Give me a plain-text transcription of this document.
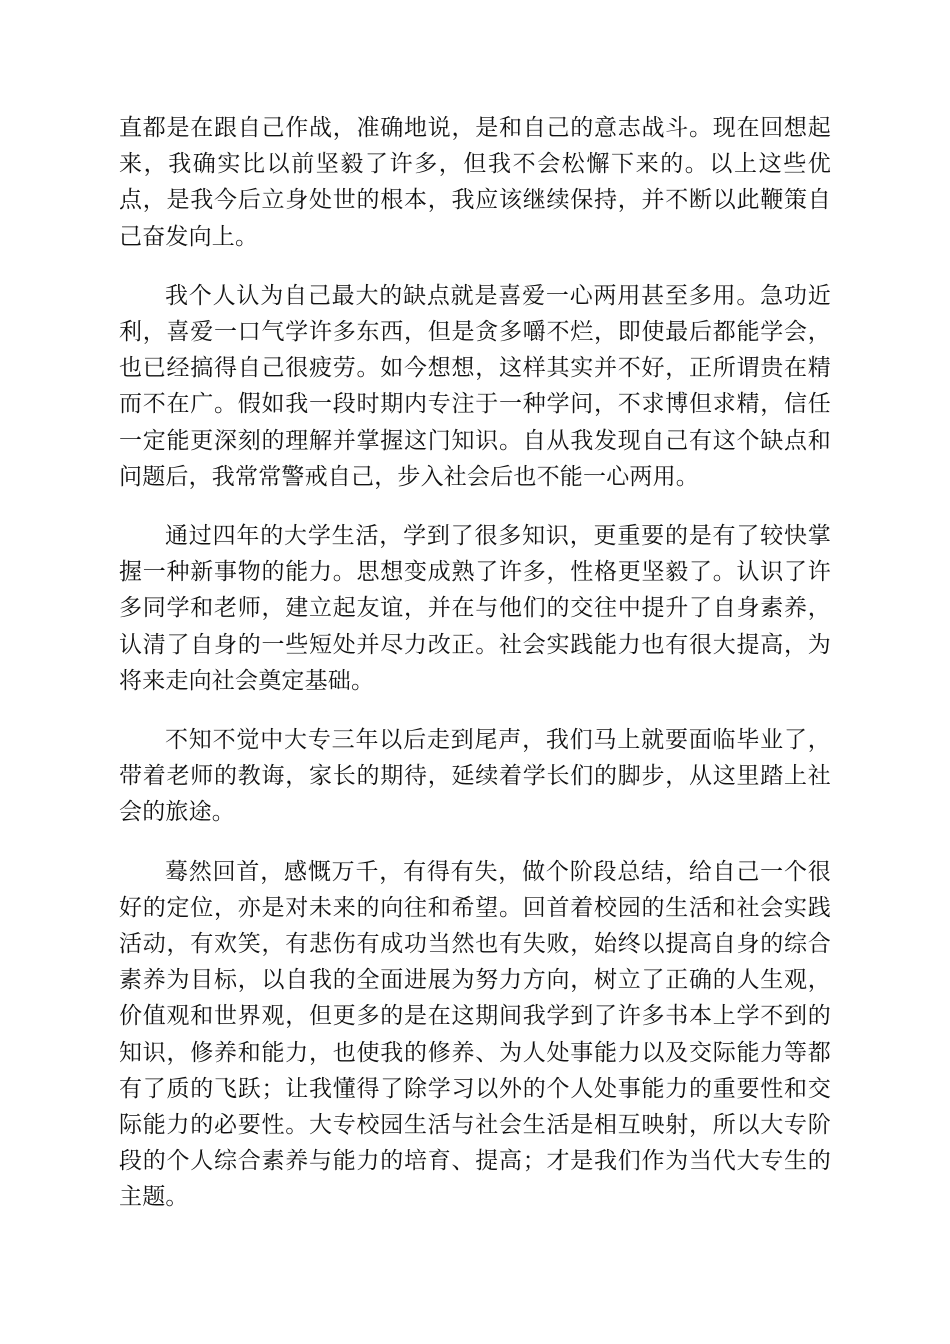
直都是在跟自己作战，准确地说，是和自己的意志战斗。现在回想起来，我确实比以前坚毅了许多，但我不会松懈下来的。以上这些优点，是我今后立身处世的根本，我应该继续保持，并不断以此鞭策自己奋发向上。

我个人认为自己最大的缺点就是喜爱一心两用甚至多用。急功近利，喜爱一口气学许多东西，但是贪多嚼不烂，即使最后都能学会，也已经搞得自己很疲劳。如今想想，这样其实并不好，正所谓贵在精而不在广。假如我一段时期内专注于一种学问，不求博但求精，信任一定能更深刻的理解并掌握这门知识。自从我发现自己有这个缺点和问题后，我常常警戒自己，步入社会后也不能一心两用。

通过四年的大学生活，学到了很多知识，更重要的是有了较快掌握一种新事物的能力。思想变成熟了许多，性格更坚毅了。认识了许多同学和老师，建立起友谊，并在与他们的交往中提升了自身素养，认清了自身的一些短处并尽力改正。社会实践能力也有很大提高，为将来走向社会奠定基础。

不知不觉中大专三年以后走到尾声，我们马上就要面临毕业了，带着老师的教诲，家长的期待，延续着学长们的脚步，从这里踏上社会的旅途。

蓦然回首，感慨万千，有得有失，做个阶段总结，给自己一个很好的定位，亦是对未来的向往和希望。回首着校园的生活和社会实践活动，有欢笑，有悲伤有成功当然也有失败，始终以提高自身的综合素养为目标，以自我的全面进展为努力方向，树立了正确的人生观，价值观和世界观，但更多的是在这期间我学到了许多书本上学不到的知识，修养和能力，也使我的修养、为人处事能力以及交际能力等都有了质的飞跃；让我懂得了除学习以外的个人处事能力的重要性和交际能力的必要性。大专校园生活与社会生活是相互映射，所以大专阶段的个人综合素养与能力的培育、提高；才是我们作为当代大专生的主题。
